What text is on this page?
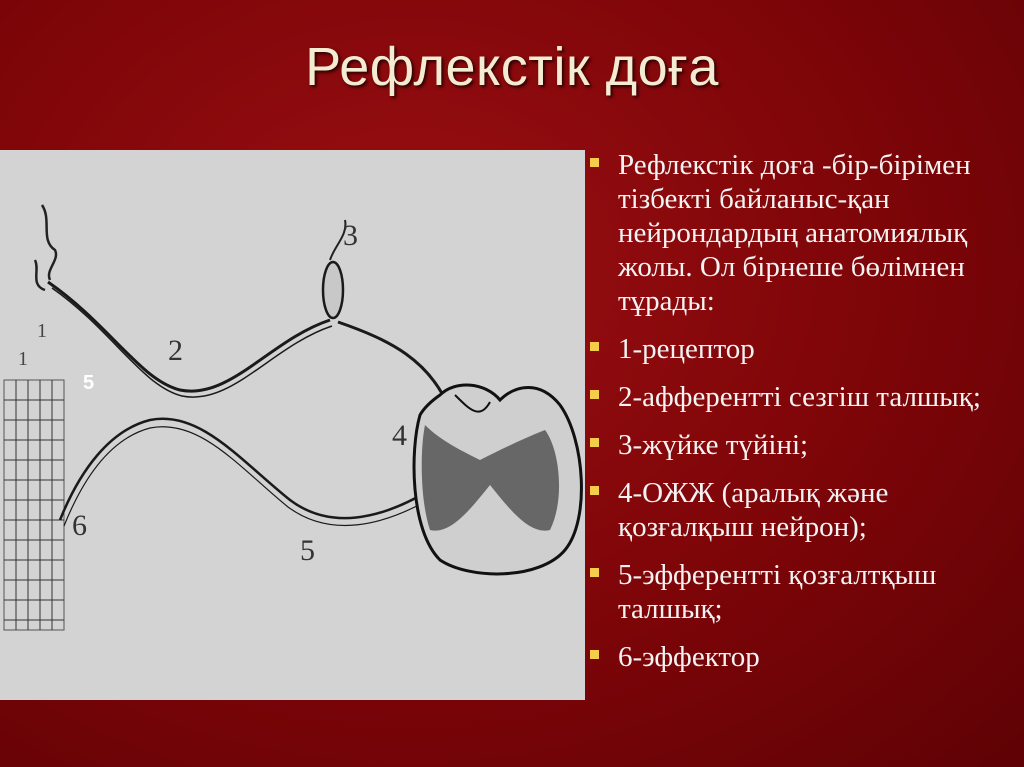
Рефлекстік доға
2
3
4
5
6
1
1
5
Рефлекстік доға -бір-бірімен тізбекті байланыс-қан нейрондардың анатомиялық жолы. Ол бірнеше бөлімнен тұрады:
1-рецептор
2-афферентті сезгіш талшық;
3-жүйке түйіні;
4-ОЖЖ (аралық және қозғалқыш нейрон);
5-эфферентті қозғалтқыш талшық;
6-эффектор
